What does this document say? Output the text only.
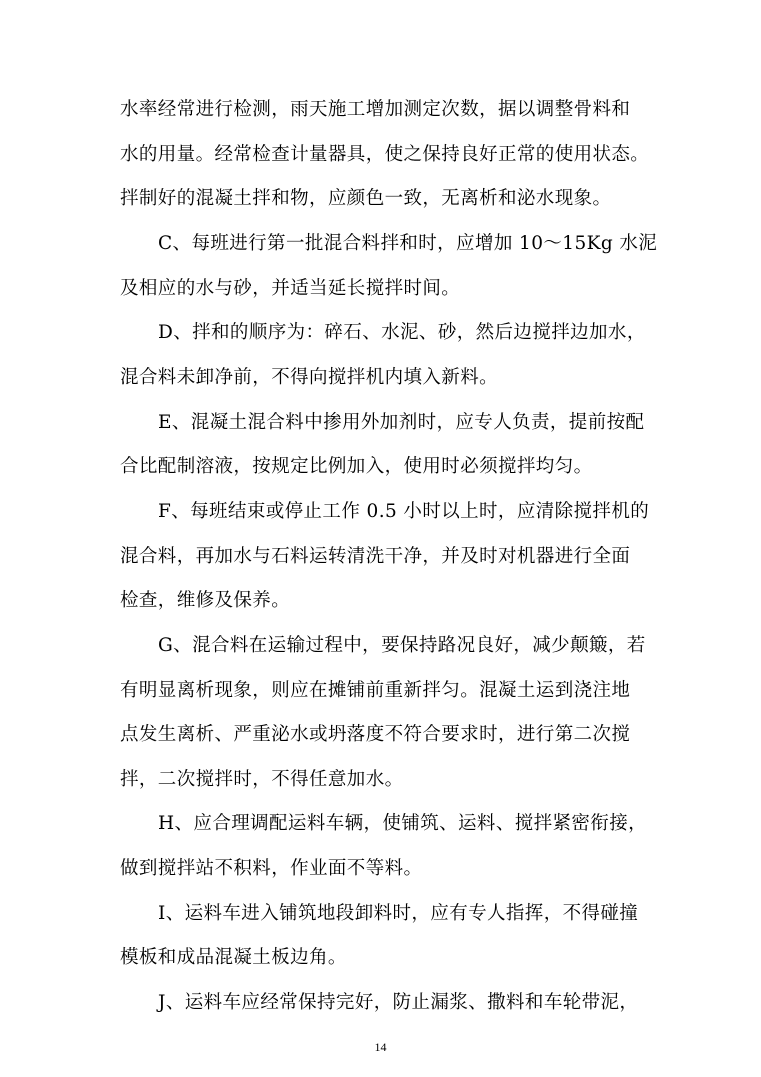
水率经常进行检测，雨天施工增加测定次数，据以调整骨料和
水的用量。经常检查计量器具，使之保持良好正常的使用状态。
拌制好的混凝土拌和物，应颜色一致，无离析和泌水现象。
C、每班进行第一批混合料拌和时，应增加 10～15Kg 水泥
及相应的水与砂，并适当延长搅拌时间。
D、拌和的顺序为：碎石、水泥、砂，然后边搅拌边加水，
混合料未卸净前，不得向搅拌机内填入新料。
E、混凝土混合料中掺用外加剂时，应专人负责，提前按配
合比配制溶液，按规定比例加入，使用时必须搅拌均匀。
F、每班结束或停止工作 0.5 小时以上时，应清除搅拌机的
混合料，再加水与石料运转清洗干净，并及时对机器进行全面
检查，维修及保养。
G、混合料在运输过程中，要保持路况良好，减少颠簸，若
有明显离析现象，则应在摊铺前重新拌匀。混凝土运到浇注地
点发生离析、严重泌水或坍落度不符合要求时，进行第二次搅
拌，二次搅拌时，不得任意加水。
H、应合理调配运料车辆，使铺筑、运料、搅拌紧密衔接，
做到搅拌站不积料，作业面不等料。
I、运料车进入铺筑地段卸料时，应有专人指挥，不得碰撞
模板和成品混凝土板边角。
J、运料车应经常保持完好，防止漏浆、撒料和车轮带泥，
14
